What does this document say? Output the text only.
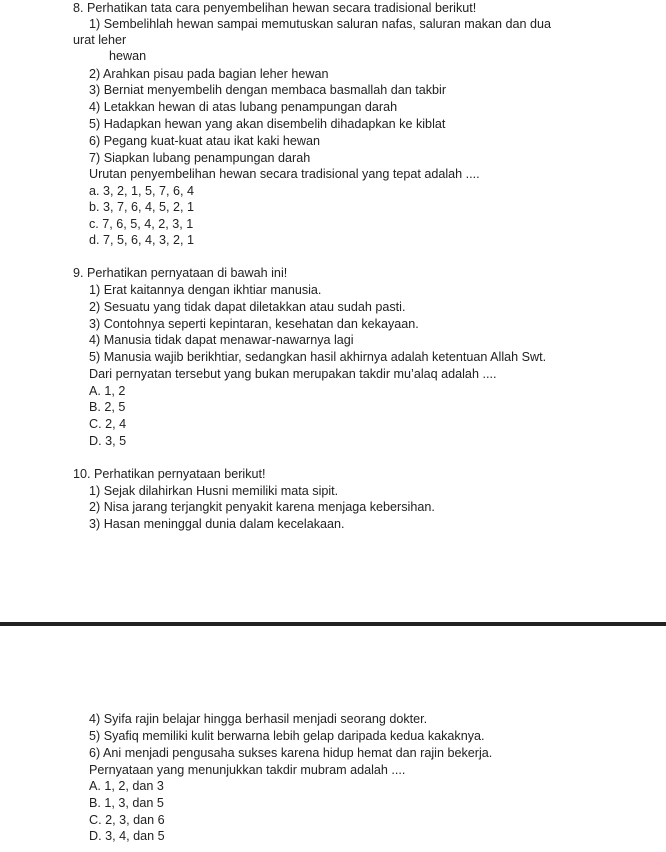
8. Perhatikan tata cara penyembelihan hewan secara tradisional berikut!
1) Sembelihlah hewan sampai memutuskan saluran nafas, saluran makan dan dua
urat leher
hewan
2) Arahkan pisau pada bagian leher hewan
3) Berniat menyembelih dengan membaca basmallah dan takbir
4) Letakkan hewan di atas lubang penampungan darah
5) Hadapkan hewan yang akan disembelih dihadapkan ke kiblat
6) Pegang kuat-kuat atau ikat kaki hewan
7) Siapkan lubang penampungan darah
Urutan penyembelihan hewan secara tradisional yang tepat adalah ....
a. 3, 2, 1, 5, 7, 6, 4
b. 3, 7, 6, 4, 5, 2, 1
c. 7, 6, 5, 4, 2, 3, 1
d. 7, 5, 6, 4, 3, 2, 1
9. Perhatikan pernyataan di bawah ini!
1) Erat kaitannya dengan ikhtiar manusia.
2) Sesuatu yang tidak dapat diletakkan atau sudah pasti.
3) Contohnya seperti kepintaran, kesehatan dan kekayaan.
4) Manusia tidak dapat menawar-nawarnya lagi
5) Manusia wajib berikhtiar, sedangkan hasil akhirnya adalah ketentuan Allah Swt.
Dari pernyatan tersebut yang bukan merupakan takdir mu’alaq adalah ....
A. 1, 2
B. 2, 5
C. 2, 4
D. 3, 5
10. Perhatikan pernyataan berikut!
1) Sejak dilahirkan Husni memiliki mata sipit.
2) Nisa jarang terjangkit penyakit karena menjaga kebersihan.
3) Hasan meninggal dunia dalam kecelakaan.
4) Syifa rajin belajar hingga berhasil menjadi seorang dokter.
5) Syafiq memiliki kulit berwarna lebih gelap daripada kedua kakaknya.
6) Ani menjadi pengusaha sukses karena hidup hemat dan rajin bekerja.
Pernyataan yang menunjukkan takdir mubram adalah ....
A. 1, 2, dan 3
B. 1, 3, dan 5
C. 2, 3, dan 6
D. 3, 4, dan 5
